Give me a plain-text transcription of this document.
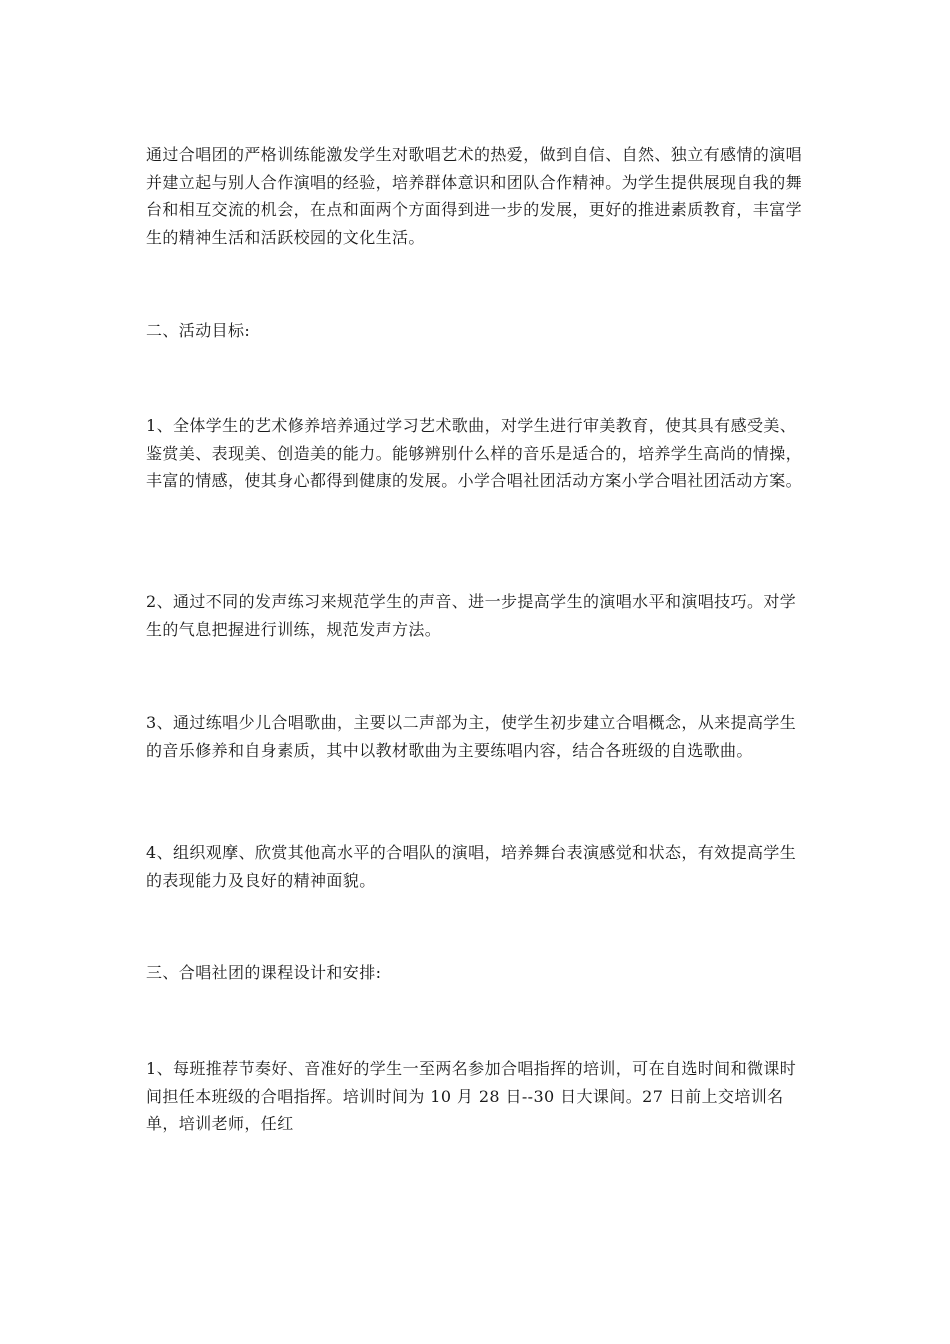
通过合唱团的严格训练能激发学生对歌唱艺术的热爱，做到自信、自然、独立有感情的演唱并建立起与别人合作演唱的经验，培养群体意识和团队合作精神。为学生提供展现自我的舞台和相互交流的机会，在点和面两个方面得到进一步的发展，更好的推进素质教育，丰富学生的精神生活和活跃校园的文化生活。

二、活动目标:

1、全体学生的艺术修养培养通过学习艺术歌曲，对学生进行审美教育，使其具有感受美、鉴赏美、表现美、创造美的能力。能够辨别什么样的音乐是适合的，培养学生高尚的情操，丰富的情感，使其身心都得到健康的发展。小学合唱社团活动方案小学合唱社团活动方案。

2、通过不同的发声练习来规范学生的声音、进一步提高学生的演唱水平和演唱技巧。对学生的气息把握进行训练，规范发声方法。

3、通过练唱少儿合唱歌曲，主要以二声部为主，使学生初步建立合唱概念，从来提高学生的音乐修养和自身素质，其中以教材歌曲为主要练唱内容，结合各班级的自选歌曲。

4、组织观摩、欣赏其他高水平的合唱队的演唱，培养舞台表演感觉和状态，有效提高学生的表现能力及良好的精神面貌。

三、合唱社团的课程设计和安排:

1、每班推荐节奏好、音准好的学生一至两名参加合唱指挥的培训，可在自选时间和微课时间担任本班级的合唱指挥。培训时间为 10 月 28 日--30 日大课间。27 日前上交培训名单，培训老师，任红
